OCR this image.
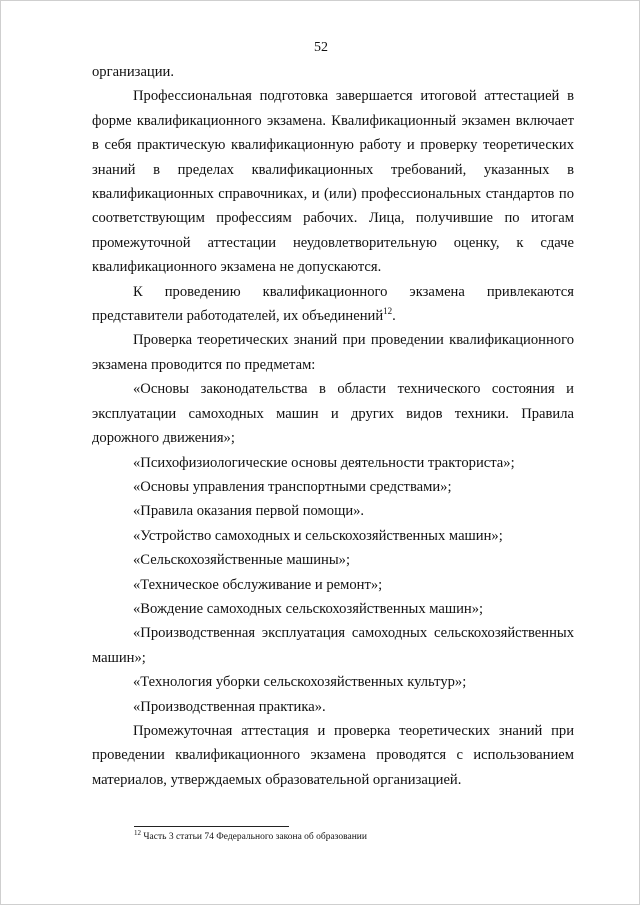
52

организации.

Профессиональная подготовка завершается итоговой аттестацией в форме квалификационного экзамена. Квалификационный экзамен включает в себя практическую квалификационную работу и проверку теоретических знаний в пределах квалификационных требований, указанных в квалификационных справочниках, и (или) профессиональных стандартов по соответствующим профессиям рабочих. Лица, получившие по итогам промежуточной аттестации неудовлетворительную оценку, к сдаче квалификационного экзамена не допускаются.

К проведению квалификационного экзамена привлекаются представители работодателей, их объединений$^{12}$.

Проверка теоретических знаний при проведении квалификационного экзамена проводится по предметам:

«Основы законодательства в области технического состояния и эксплуатации самоходных машин и других видов техники. Правила дорожного движения»;

«Психофизиологические основы деятельности тракториста»;

«Основы управления транспортными средствами»;

«Правила оказания первой помощи».

«Устройство самоходных и сельскохозяйственных машин»;

«Сельскохозяйственные машины»;

«Техническое обслуживание и ремонт»;

«Вождение самоходных сельскохозяйственных машин»;

«Производственная эксплуатация самоходных сельскохозяйственных машин»;

«Технология уборки сельскохозяйственных культур»;

«Производственная практика».

Промежуточная аттестация и проверка теоретических знаний при проведении квалификационного экзамена проводятся с использованием материалов, утверждаемых образовательной организацией.

$^{12}$ Часть 3 статьи 74 Федерального закона об образовании
